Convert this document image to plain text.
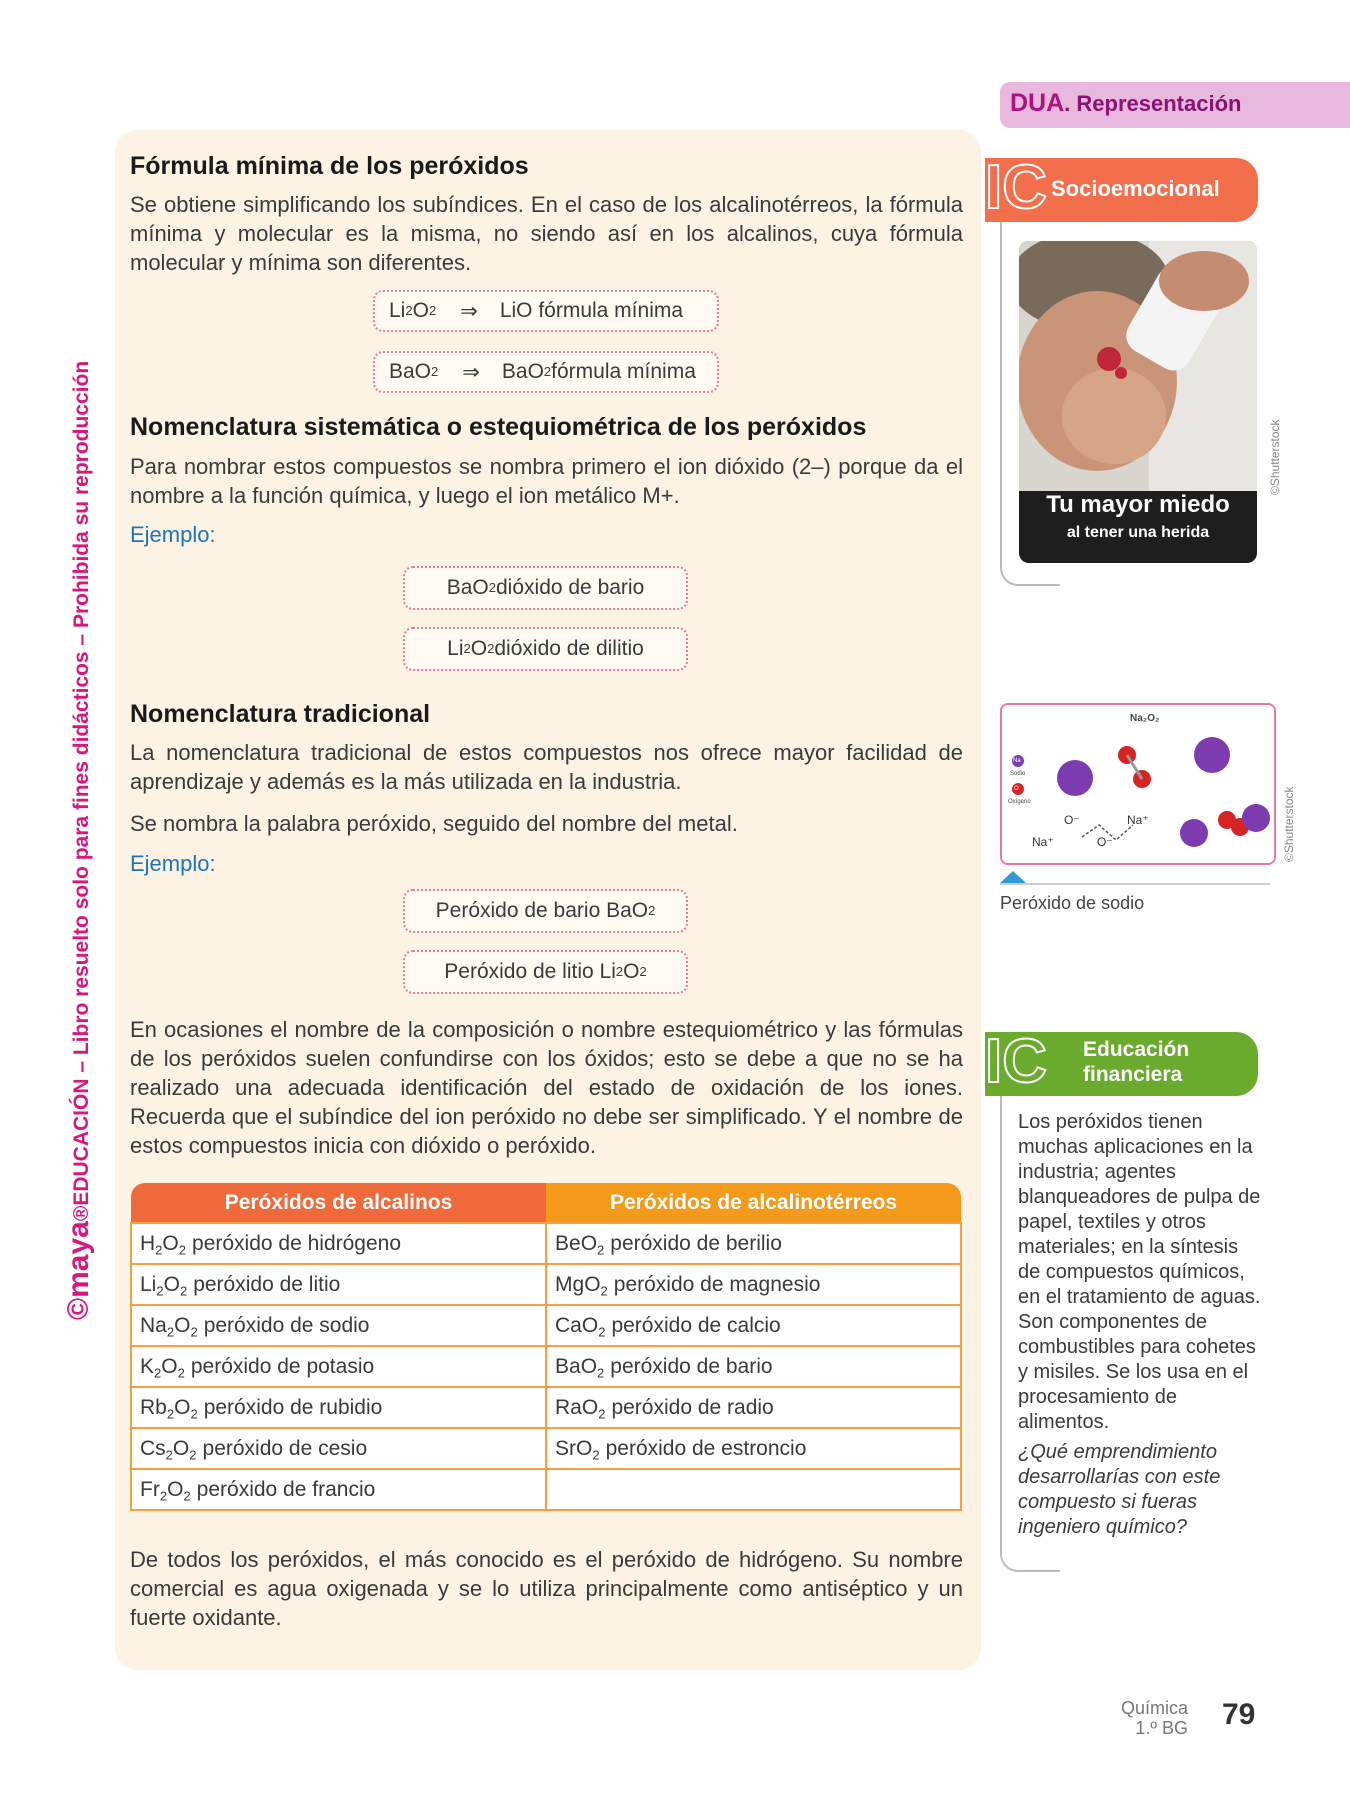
©maya®EDUCACIÓN – Libro resuelto solo para fines didácticos – Prohibida su reproducción
Fórmula mínima de los peróxidos

Se obtiene simplificando los subíndices. En el caso de los alcalinotérreos, la fórmula mínima y molecular es la misma, no siendo así en los alcalinos, cuya fórmula molecular y mínima son diferentes.

Li 2 O 2 ⇒ LiO fórmula mínima
BaO 2 ⇒ BaO 2 fórmula mínima
Nomenclatura sistemática o estequiométrica de los peróxidos

Para nombrar estos compuestos se nombra primero el ion dióxido (2–) porque da el nombre a la función química, y luego el ion metálico M+.

Ejemplo:

BaO 2 dióxido de bario
Li 2 O 2 dióxido de dilitio
Nomenclatura tradicional

La nomenclatura tradicional de estos compuestos nos ofrece mayor facilidad de aprendizaje y además es la más utilizada en la industria.

Se nombra la palabra peróxido, seguido del nombre del metal.

Ejemplo:

Peróxido de bario BaO 2
Peróxido de litio Li 2 O 2

En ocasiones el nombre de la composición o nombre estequiométrico y las fórmulas de los peróxidos suelen confundirse con los óxidos; esto se debe a que no se ha realizado una adecuada identificación del estado de oxidación de los iones. Recuerda que el subíndice del ion peróxido no debe ser simplificado. Y el nombre de estos compuestos inicia con dióxido o peróxido.

Peróxidos de alcalinos	Peróxidos de alcalinotérreos
$H_2O_2$ peróxido de hidrógeno	BeO$_2$ peróxido de berilio
$Li_2O_2$ peróxido de litio	MgO$_2$ peróxido de magnesio
$Na_2O_2$ peróxido de sodio	CaO$_2$ peróxido de calcio
$K_2O_2$ peróxido de potasio	BaO$_2$ peróxido de bario
$Rb_2O_2$ peróxido de rubidio	RaO$_2$ peróxido de radio
$Cs_2O_2$ peróxido de cesio	SrO$_2$ peróxido de estroncio
$Fr_2O_2$ peróxido de francio	

De todos los peróxidos, el más conocido es el peróxido de hidrógeno. Su nombre comercial es agua oxigenada y se lo utiliza principalmente como antiséptico y un fuerte oxidante.

DUA. Representación
IC Socioemocional
Tu mayor miedo
al tener una herida
©Shutterstock
Na₂O₂
Na
Sodio
O
Oxígeno
Na⁺
O⁻
O⁻
Na⁺
Peróxido de sodio
©Shutterstock
IC Educación
financiera
Los peróxidos tienen muchas aplicaciones en la industria; agentes blanqueadores de pulpa de papel, textiles y otros materiales; en la síntesis de compuestos químicos, en el tratamiento de aguas. Son componentes de combustibles para cohetes y misiles. Se los usa en el procesamiento de alimentos.
¿Qué emprendimiento desarrollarías con este compuesto si fueras ingeniero químico?
Química
1.º BG 79
